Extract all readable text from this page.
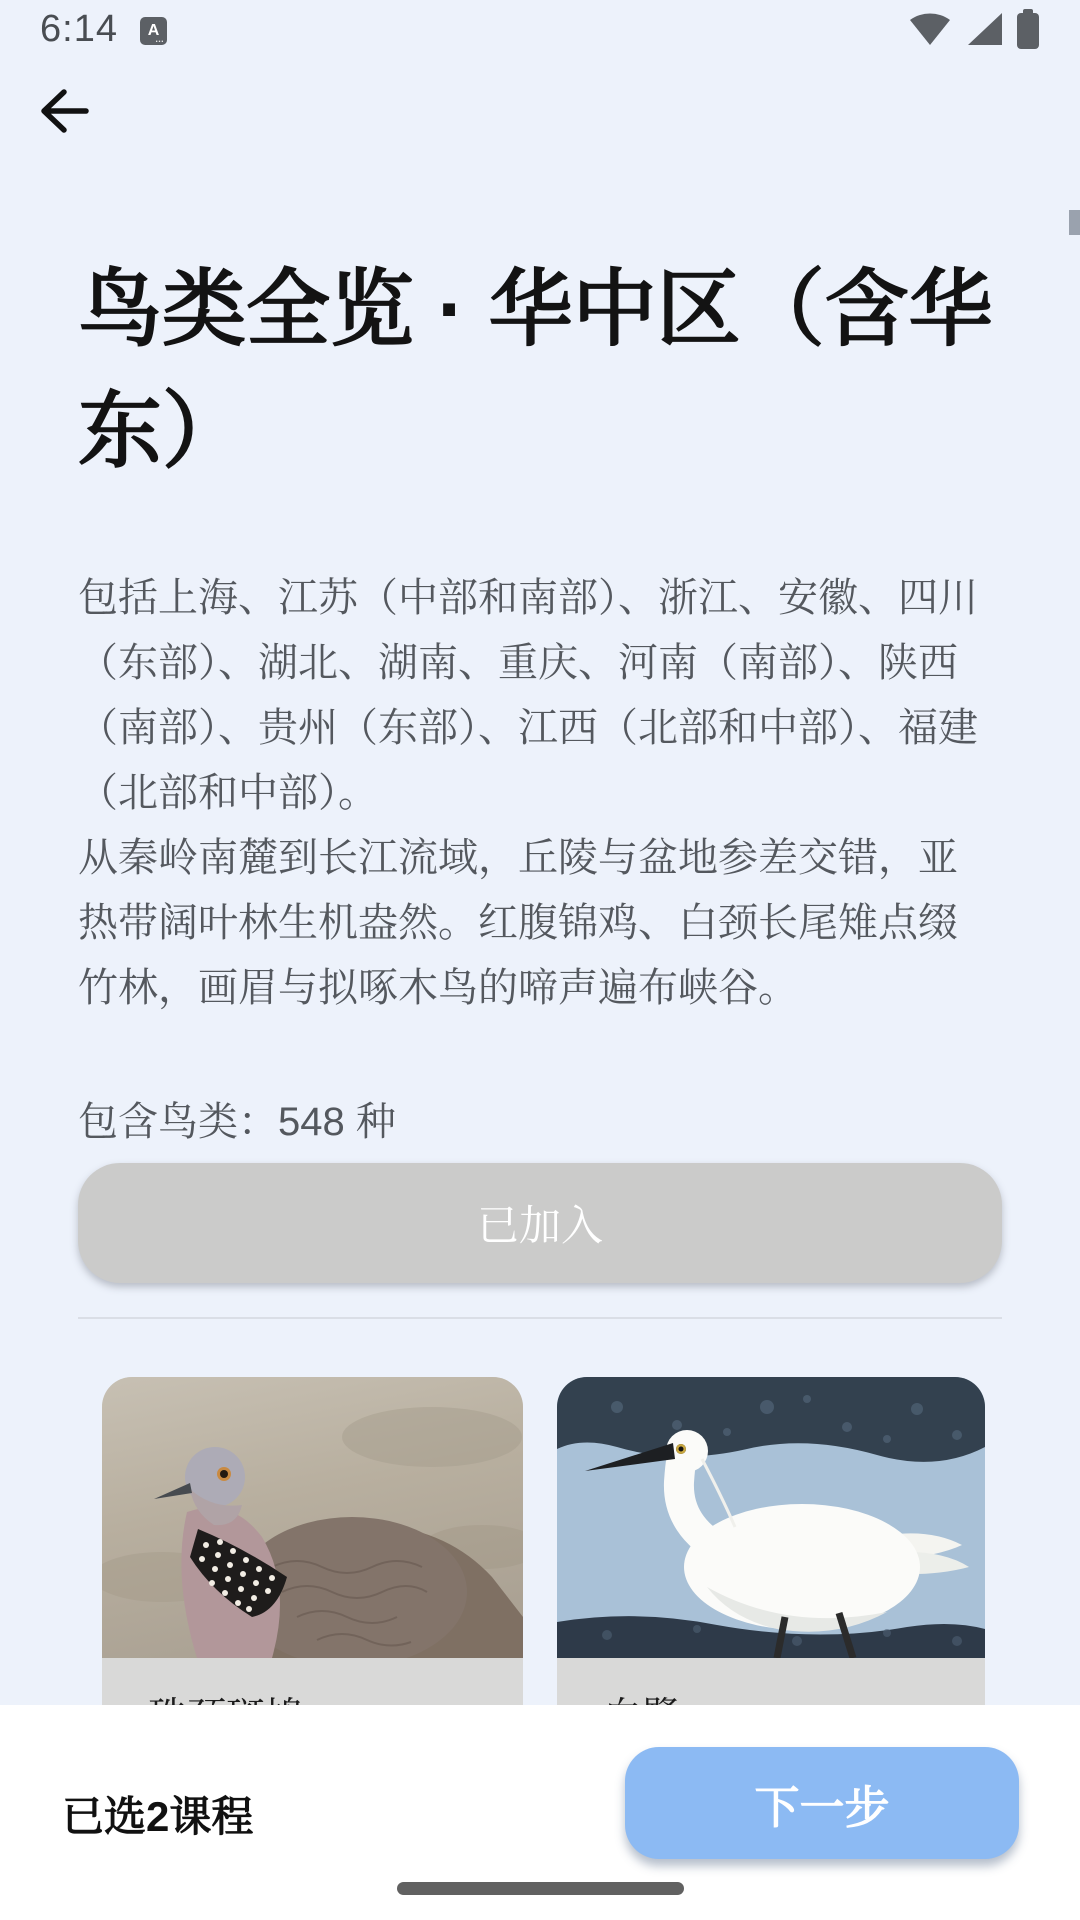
6:14 A
…
鸟类全览 · 华中区（含华东）

包括上海、江苏（中部和南部）、浙江、安徽、四川（东部）、湖北、湖南、重庆、河南（南部）、陕西（南部）、贵州（东部）、江西（北部和中部）、福建（北部和中部）。

从秦岭南麓到长江流域，丘陵与盆地参差交错，亚热带阔叶林生机盎然。红腹锦鸡、白颈长尾雉点缀竹林，画眉与拟啄木鸟的啼声遍布峡谷。

包含鸟类：548 种
已加入
已选2课程	下一步
